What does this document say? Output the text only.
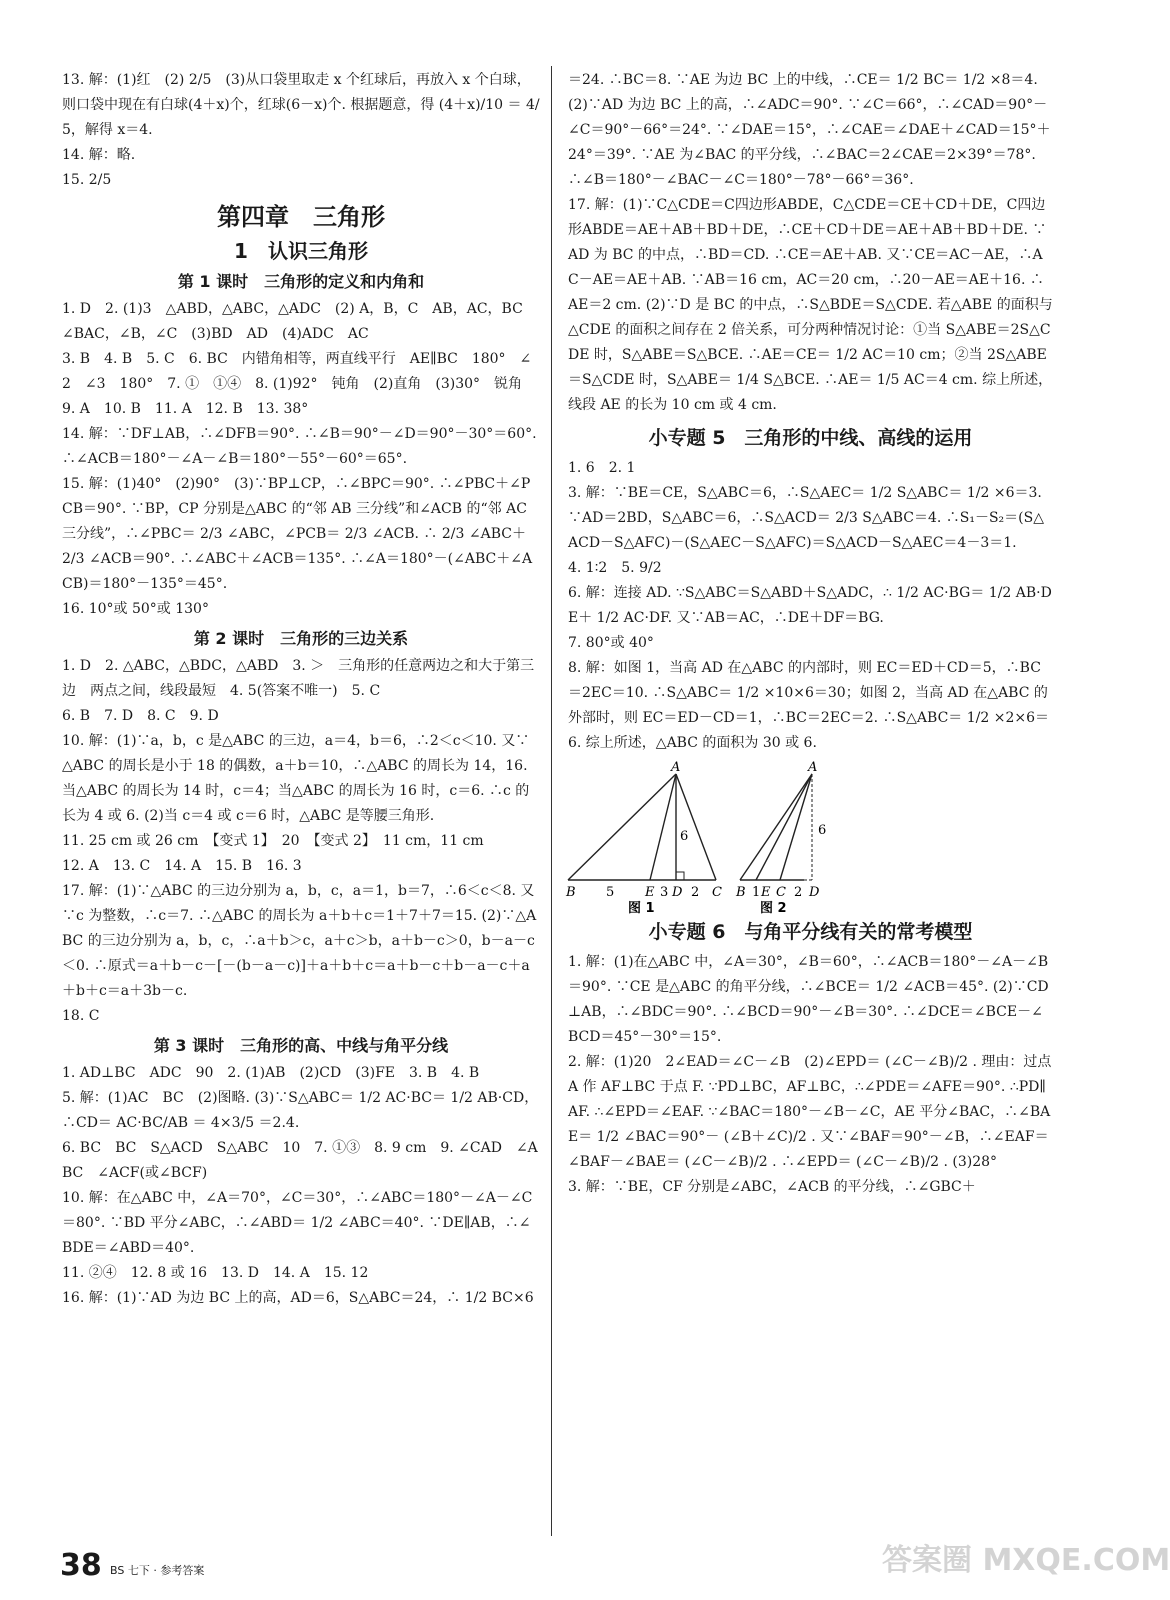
13. 解：(1)红　(2) 2/5　(3)从口袋里取走 x 个红球后，再放入 x 个白球，则口袋中现在有白球(4＋x)个，红球(6－x)个. 根据题意，得 (4＋x)/10 ＝ 4/5，解得 x＝4.

14. 解：略.

15. 2/5

第四章　三角形
1　认识三角形
第 1 课时　三角形的定义和内角和

1. D　2. (1)3　△ABD，△ABC，△ADC　(2) A，B，C　AB，AC，BC　∠BAC，∠B，∠C　(3)BD　AD　(4)ADC　AC

3. B　4. B　5. C　6. BC　内错角相等，两直线平行　AE∥BC　180°　∠2　∠3　180°　7. ①　①④　8. (1)92°　钝角　(2)直角　(3)30°　锐角　9. A　10. B　11. A　12. B　13. 38°

14. 解：∵DF⊥AB，∴∠DFB＝90°. ∴∠B＝90°－∠D＝90°－30°＝60°. ∴∠ACB＝180°－∠A－∠B＝180°－55°－60°＝65°.

15. 解：(1)40°　(2)90°　(3)∵BP⊥CP，∴∠BPC＝90°. ∴∠PBC＋∠PCB＝90°. ∵BP，CP 分别是△ABC 的“邻 AB 三分线”和∠ACB 的“邻 AC 三分线”，∴∠PBC＝ 2/3 ∠ABC，∠PCB＝ 2/3 ∠ACB. ∴ 2/3 ∠ABC＋ 2/3 ∠ACB＝90°. ∴∠ABC＋∠ACB＝135°. ∴∠A＝180°－(∠ABC＋∠ACB)＝180°－135°＝45°.

16. 10°或 50°或 130°

第 2 课时　三角形的三边关系

1. D　2. △ABC，△BDC，△ABD　3. ＞　三角形的任意两边之和大于第三边　两点之间，线段最短　4. 5(答案不唯一)　5. C

6. B　7. D　8. C　9. D

10. 解：(1)∵a，b，c 是△ABC 的三边，a＝4，b＝6，∴2＜c＜10. 又∵△ABC 的周长是小于 18 的偶数，a＋b＝10，∴△ABC 的周长为 14，16. 当△ABC 的周长为 14 时，c＝4；当△ABC 的周长为 16 时，c＝6. ∴c 的长为 4 或 6. (2)当 c＝4 或 c＝6 时，△ABC 是等腰三角形.

11. 25 cm 或 26 cm　【变式 1】　20　【变式 2】　11 cm，11 cm

12. A　13. C　14. A　15. B　16. 3

17. 解：(1)∵△ABC 的三边分别为 a，b，c，a＝1，b＝7，∴6＜c＜8. 又∵c 为整数，∴c＝7. ∴△ABC 的周长为 a＋b＋c＝1＋7＋7＝15. (2)∵△ABC 的三边分别为 a，b，c，∴a＋b＞c，a＋c＞b，a＋b－c＞0，b－a－c＜0. ∴原式＝a＋b－c－[－(b－a－c)]＋a＋b＋c＝a＋b－c＋b－a－c＋a＋b＋c＝a＋3b－c.

18. C

第 3 课时　三角形的高、中线与角平分线

1. AD⊥BC　ADC　90　2. (1)AB　(2)CD　(3)FE　3. B　4. B

5. 解：(1)AC　BC　(2)图略. (3)∵S△ABC＝ 1/2 AC·BC＝ 1/2 AB·CD，∴CD＝ AC·BC/AB ＝ 4×3/5 ＝2.4.

6. BC　BC　S△ACD　S△ABC　10　7. ①③　8. 9 cm　9. ∠CAD　∠ABC　∠ACF(或∠BCF)

10. 解：在△ABC 中，∠A＝70°，∠C＝30°，∴∠ABC＝180°－∠A－∠C＝80°. ∵BD 平分∠ABC，∴∠ABD＝ 1/2 ∠ABC＝40°. ∵DE∥AB，∴∠BDE＝∠ABD＝40°.

11. ②④　12. 8 或 16　13. D　14. A　15. 12

16. 解：(1)∵AD 为边 BC 上的高，AD＝6，S△ABC＝24，∴ 1/2 BC×6

＝24. ∴BC＝8. ∵AE 为边 BC 上的中线，∴CE＝ 1/2 BC＝ 1/2 ×8＝4. (2)∵AD 为边 BC 上的高，∴∠ADC＝90°. ∵∠C＝66°，∴∠CAD＝90°－∠C＝90°－66°＝24°. ∵∠DAE＝15°，∴∠CAE＝∠DAE＋∠CAD＝15°＋24°＝39°. ∵AE 为∠BAC 的平分线，∴∠BAC＝2∠CAE＝2×39°＝78°. ∴∠B＝180°－∠BAC－∠C＝180°－78°－66°＝36°.

17. 解：(1)∵C△CDE＝C四边形ABDE，C△CDE＝CE＋CD＋DE，C四边形ABDE＝AE＋AB＋BD＋DE，∴CE＋CD＋DE＝AE＋AB＋BD＋DE. ∵AD 为 BC 的中点，∴BD＝CD. ∴CE＝AE＋AB. 又∵CE＝AC－AE，∴AC－AE＝AE＋AB. ∵AB＝16 cm，AC＝20 cm，∴20－AE＝AE＋16. ∴AE＝2 cm. (2)∵D 是 BC 的中点，∴S△BDE＝S△CDE. 若△ABE 的面积与△CDE 的面积之间存在 2 倍关系，可分两种情况讨论：①当 S△ABE＝2S△CDE 时，S△ABE＝S△BCE. ∴AE＝CE＝ 1/2 AC＝10 cm；②当 2S△ABE＝S△CDE 时，S△ABE＝ 1/4 S△BCE. ∴AE＝ 1/5 AC＝4 cm. 综上所述，线段 AE 的长为 10 cm 或 4 cm.

小专题 5　三角形的中线、高线的运用

1. 6　2. 1

3. 解：∵BE＝CE，S△ABC＝6，∴S△AEC＝ 1/2 S△ABC＝ 1/2 ×6＝3. ∵AD＝2BD，S△ABC＝6，∴S△ACD＝ 2/3 S△ABC＝4. ∴S₁－S₂＝(S△ACD－S△AFC)－(S△AEC－S△AFC)＝S△ACD－S△AEC＝4－3＝1.

4. 1∶2　5. 9/2

6. 解：连接 AD. ∵S△ABC＝S△ABD＋S△ADC，∴ 1/2 AC·BG＝ 1/2 AB·DE＋ 1/2 AC·DF. 又∵AB＝AC，∴DE＋DF＝BG.

7. 80°或 40°

8. 解：如图 1，当高 AD 在△ABC 的内部时，则 EC＝ED＋CD＝5，∴BC＝2EC＝10. ∴S△ABC＝ 1/2 ×10×6＝30；如图 2，当高 AD 在△ABC 的外部时，则 EC＝ED－CD＝1，∴BC＝2EC＝2. ∴S△ABC＝ 1/2 ×2×6＝6. 综上所述，△ABC 的面积为 30 或 6.

A
B	E D C
5	3 2
6
图 1
A
B 1 E C 2 D
6
图 2
小专题 6　与角平分线有关的常考模型

1. 解：(1)在△ABC 中，∠A＝30°，∠B＝60°，∴∠ACB＝180°－∠A－∠B＝90°. ∵CE 是△ABC 的角平分线，∴∠BCE＝ 1/2 ∠ACB＝45°. (2)∵CD⊥AB，∴∠BDC＝90°. ∴∠BCD＝90°－∠B＝30°. ∴∠DCE＝∠BCE－∠BCD＝45°－30°＝15°.

2. 解：(1)20　2∠EAD＝∠C－∠B　(2)∠EPD＝ (∠C－∠B)/2 . 理由：过点 A 作 AF⊥BC 于点 F. ∵PD⊥BC，AF⊥BC，∴∠PDE＝∠AFE＝90°. ∴PD∥AF. ∴∠EPD＝∠EAF. ∵∠BAC＝180°－∠B－∠C，AE 平分∠BAC，∴∠BAE＝ 1/2 ∠BAC＝90°－ (∠B＋∠C)/2 . 又∵∠BAF＝90°－∠B，∴∠EAF＝∠BAF－∠BAE＝ (∠C－∠B)/2 . ∴∠EPD＝ (∠C－∠B)/2 . (3)28°

3. 解：∵BE，CF 分别是∠ABC，∠ACB 的平分线，∴∠GBC＋

38 BS 七下 · 参考答案	答案圈 MXQE.COM
